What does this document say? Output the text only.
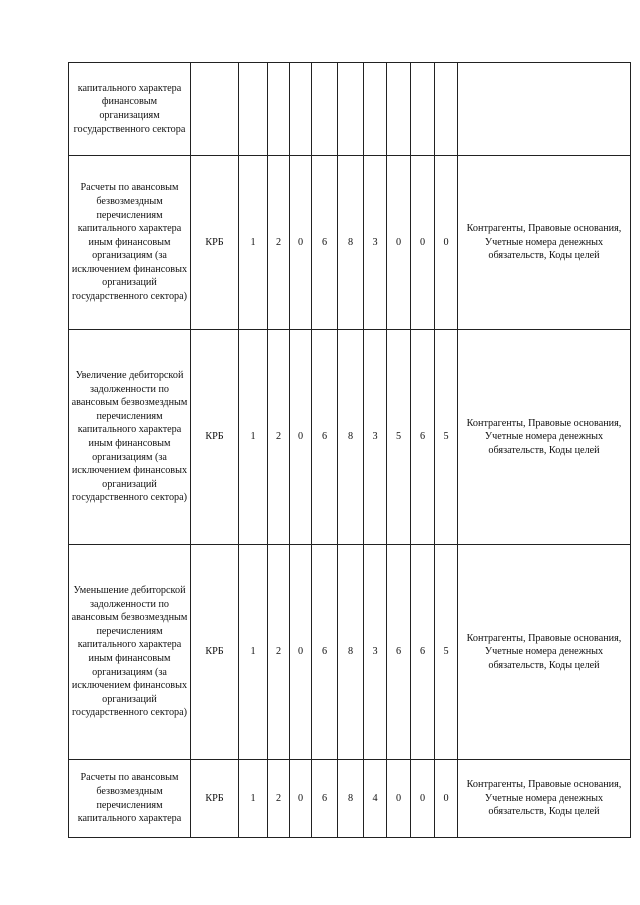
капитального характера финансовым организациям государственного сектора											
Расчеты по авансовым безвозмездным перечислениям капитального характера иным финансовым организациям (за исключением финансовых организаций государственного сектора)	КРБ	1	2	0	6	8	3	0	0	0	Контрагенты, Правовые основания, Учетные номера денежных обязательств, Коды целей
Увеличение дебиторской задолженности по авансовым безвозмездным перечислениям капитального характера иным финансовым организациям (за исключением финансовых организаций государственного сектора)	КРБ	1	2	0	6	8	3	5	6	5	Контрагенты, Правовые основания, Учетные номера денежных обязательств, Коды целей
Уменьшение дебиторской задолженности по авансовым безвозмездным перечислениям капитального характера иным финансовым организациям (за исключением финансовых организаций государственного сектора)	КРБ	1	2	0	6	8	3	6	6	5	Контрагенты, Правовые основания, Учетные номера денежных обязательств, Коды целей
Расчеты по авансовым безвозмездным перечислениям капитального характера	КРБ	1	2	0	6	8	4	0	0	0	Контрагенты, Правовые основания, Учетные номера денежных обязательств, Коды целей
